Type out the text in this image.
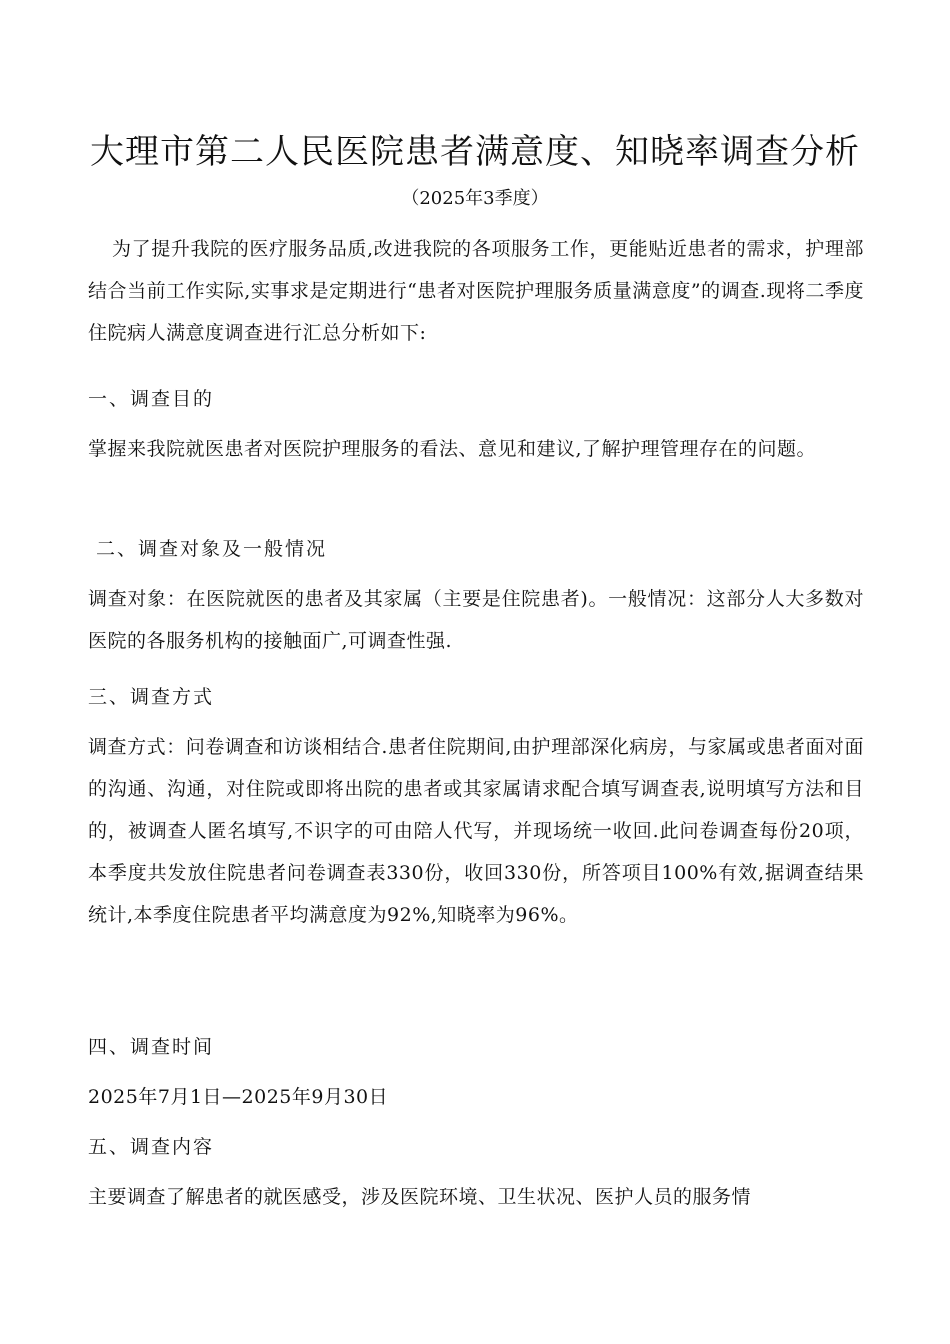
大理市第二人民医院患者满意度、知晓率调查分析
（2025年3季度）
为了提升我院的医疗服务品质,改进我院的各项服务工作，更能贴近患者的需求，护理部结合当前工作实际,实事求是定期进行“患者对医院护理服务质量满意度”的调查.现将二季度住院病人满意度调查进行汇总分析如下:
一、调查目的
掌握来我院就医患者对医院护理服务的看法、意见和建议,了解护理管理存在的问题。
二、调查对象及一般情况
调查对象：在医院就医的患者及其家属（主要是住院患者)。一般情况：这部分人大多数对医院的各服务机构的接触面广,可调查性强.
三、调查方式
调查方式：问卷调查和访谈相结合.患者住院期间,由护理部深化病房，与家属或患者面对面的沟通、沟通，对住院或即将出院的患者或其家属请求配合填写调查表,说明填写方法和目的，被调查人匿名填写,不识字的可由陪人代写，并现场统一收回.此问卷调查每份20项，本季度共发放住院患者问卷调查表330份，收回330份，所答项目100%有效,据调查结果统计,本季度住院患者平均满意度为92%,知晓率为96%。
四、调查时间
2025年7月1日—2025年9月30日
五、调查内容
主要调查了解患者的就医感受，涉及医院环境、卫生状况、医护人员的服务情
